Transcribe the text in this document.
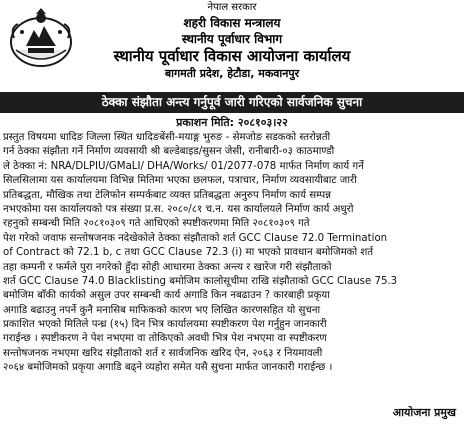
नेपाल सरकार
शहरी विकास मन्त्रालय
स्थानीय पूर्वाधार विभाग
स्थानीय पूर्वाधार विकास आयोजना कार्यालय
बागमती प्रदेश, हेटौडा, मकवानपुर
ठेक्का संझौता अन्त्य गर्नुपूर्व जारी गरिएको सार्वजनिक सुचना
प्रकाशन मिति: २०८१०३।२२
प्रस्तुत विषयमा धादिङ जिल्ला स्थित धादिङबेंसी-मयाङ्ग भुरुङ - सेमजोङ सडकको स्तरोन्नती
गर्न ठेक्का संझौता गर्ने निर्माण व्यवसायी श्री बल्डेबाइड/सुसन जेसी, रानीबारी-०३ काठमाण्डौ
ले ठेक्का नं: NRA/DLPIU/GMaLI/ DHA/Works/ 01/2077-078 मार्फत निर्माण कार्य गर्ने
सिलसिलामा यस कार्यालयमा विभिन्न मितिमा भएका छलफल, पत्राचार, निर्माण व्यवसायीबाट जारी
प्रतिबद्धता, मौखिक तथा टेलिफोन सम्पर्कबाट व्यक्त प्रतिबद्धता अनुरुप निर्माण कार्य सम्पन्न
नभएकोमा यस कार्यालयको पत्र संख्या प्र.स. २०८०/८१ च.न. यस कार्यालयले निर्माण कार्य अधुरो
रहनुको सम्बन्धी मिति २०८१०३०९ गते आधिएको स्पष्टीकरणमा मिति २०८१०३०९ गते
पेश गरेको जवाफ सन्तोषजनक नदेखेकोले ठेक्का संझौताको शर्त GCC Clause 72.0 Termination
of Contract को 72.1 b, c तथा GCC Clause 72.3 (i) मा भएको प्रावधान बमोजिमको शर्त
तहा कम्पनी र फर्मले पुरा नगरेको हुँदा सोही आधारमा ठेक्का अन्त्य र खारेज गरी संझौताको
शर्त GCC Clause 74.0 Blacklisting बमोजिम कालोसूचीमा राखि संझौताको GCC Clause 75.3
बमोजिम बाँकी कार्यको असुल उपर सम्बन्धी कार्य अगाडि किन नबढाउन ? कारबाही प्रकृया
अगाडि बढाउनु नपर्ने कुनै मनासिब माफिकको कारण भए लिखित कारणसहित यो सुचना
प्रकाशित भएको मितिले पन्ध्र (१५) दिन भित्र कार्यालयमा स्पष्टीकरण पेश गर्नुहुन जानकारी
गराईन्छ । स्पष्टीकरण ने पेश नभएमा वा तोकिएको अवधी भित्र पेश नभएमा वा स्पष्टीकरण
सन्तोषजनक नभएमा खरिद संझौताको शर्त र सार्वजनिक खरिद ऐन, २०६३ र नियमावली
२०६४ बमोजिमको प्रकृया अगाडि बढ्ने व्यहोरा समेत यसै सुचना मार्फत जानकारी गराईन्छ ।
आयोजना प्रमुख
